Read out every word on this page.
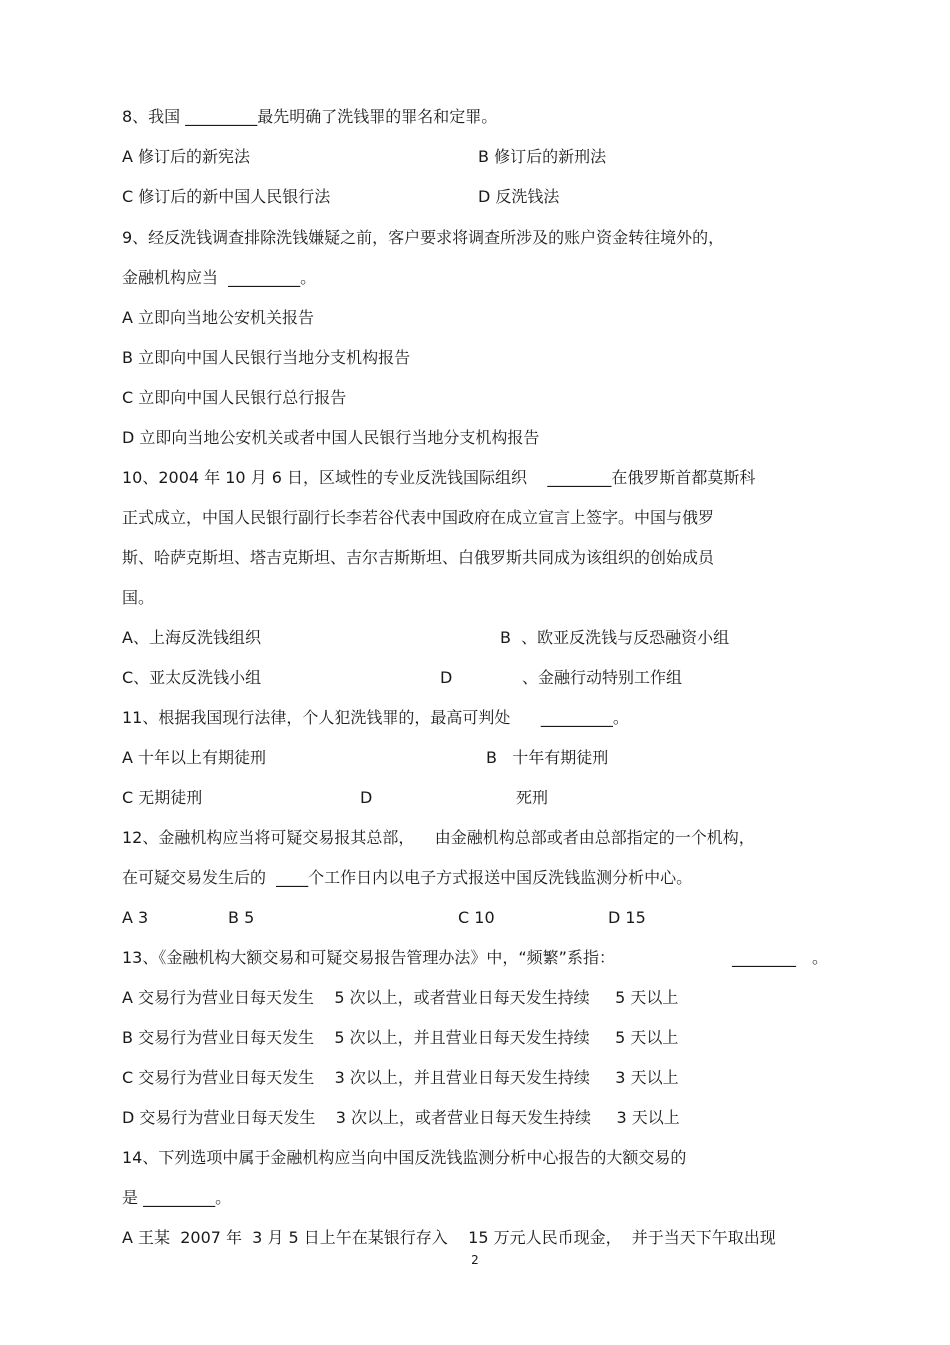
8、我国 _________最先明确了洗钱罪的罪名和定罪。
A 修订后的新宪法	B 修订后的新刑法
C 修订后的新中国人民银行法	D 反洗钱法
9、经反洗钱调查排除洗钱嫌疑之前，客户要求将调查所涉及的账户资金转往境外的，
金融机构应当  _________。
A 立即向当地公安机关报告
B 立即向中国人民银行当地分支机构报告
C 立即向中国人民银行总行报告
D 立即向当地公安机关或者中国人民银行当地分支机构报告
10、2004 年 10 月 6 日，区域性的专业反洗钱国际组织    ________在俄罗斯首都莫斯科
正式成立，中国人民银行副行长李若谷代表中国政府在成立宣言上签字。中国与俄罗
斯、哈萨克斯坦、塔吉克斯坦、吉尔吉斯斯坦、白俄罗斯共同成为该组织的创始成员
国。
A、上海反洗钱组织	B  、欧亚反洗钱与反恐融资小组
C、亚太反洗钱小组	D	、金融行动特别工作组
11、根据我国现行法律，个人犯洗钱罪的，最高可判处      _________。
A 十年以上有期徒刑	B   十年有期徒刑
C 无期徒刑	D	死刑
12、金融机构应当将可疑交易报其总部，    由金融机构总部或者由总部指定的一个机构，
在可疑交易发生后的  ____个工作日内以电子方式报送中国反洗钱监测分析中心。
A 3	B 5	C 10	D 15
13、《金融机构大额交易和可疑交易报告管理办法》中，“频繁”系指：	________ 。
A 交易行为营业日每天发生    5 次以上，或者营业日每天发生持续     5 天以上
B 交易行为营业日每天发生    5 次以上，并且营业日每天发生持续     5 天以上
C 交易行为营业日每天发生    3 次以上，并且营业日每天发生持续     3 天以上
D 交易行为营业日每天发生    3 次以上，或者营业日每天发生持续     3 天以上
14、下列选项中属于金融机构应当向中国反洗钱监测分析中心报告的大额交易的
是 _________。
A 王某  2007 年  3 月 5 日上午在某银行存入    15 万元人民币现金，  并于当天下午取出现
2
